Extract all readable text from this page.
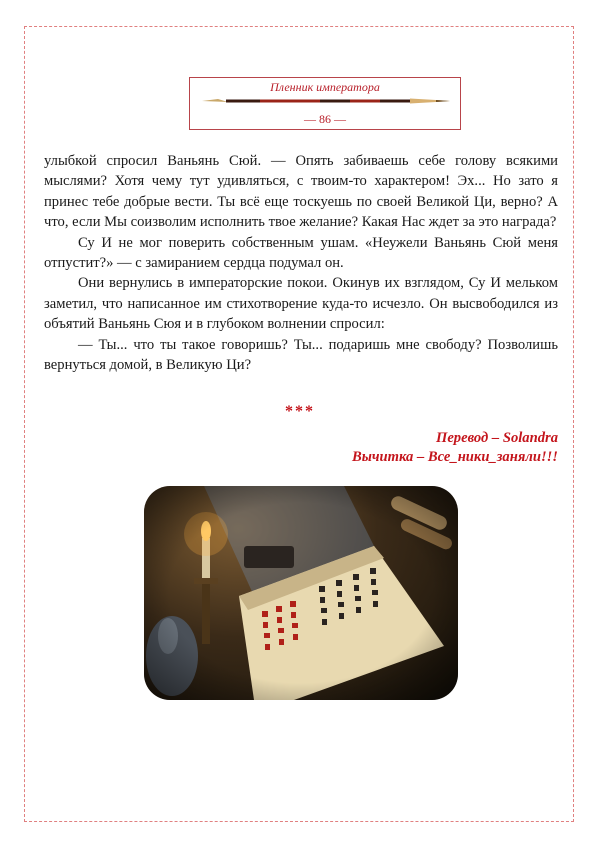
Пленник императора
— 86 —

улыбкой спросил Ваньянь Сюй. — Опять забиваешь себе голову всякими мыслями? Хотя чему тут удивляться, с твоим-то характером! Эх... Но зато я принес тебе добрые вести. Ты всё еще тоскуешь по своей Великой Ци, верно? А что, если Мы соизволим исполнить твое желание? Какая Нас ждет за это награда?

Су И не мог поверить собственным ушам. «Неужели Ваньянь Сюй меня отпустит?» — с замиранием сердца подумал он.

Они вернулись в императорские покои. Окинув их взглядом, Су И мельком заметил, что написанное им стихотворение куда-то исчезло. Он высвободился из объятий Ваньянь Сюя и в глубоком волнении спросил:

— Ты... что ты такое говоришь? Ты... подаришь мне свободу? Позволишь вернуться домой, в Великую Ци?

***
Перевод – Solandra
Вычитка – Все_ники_заняли!!!
